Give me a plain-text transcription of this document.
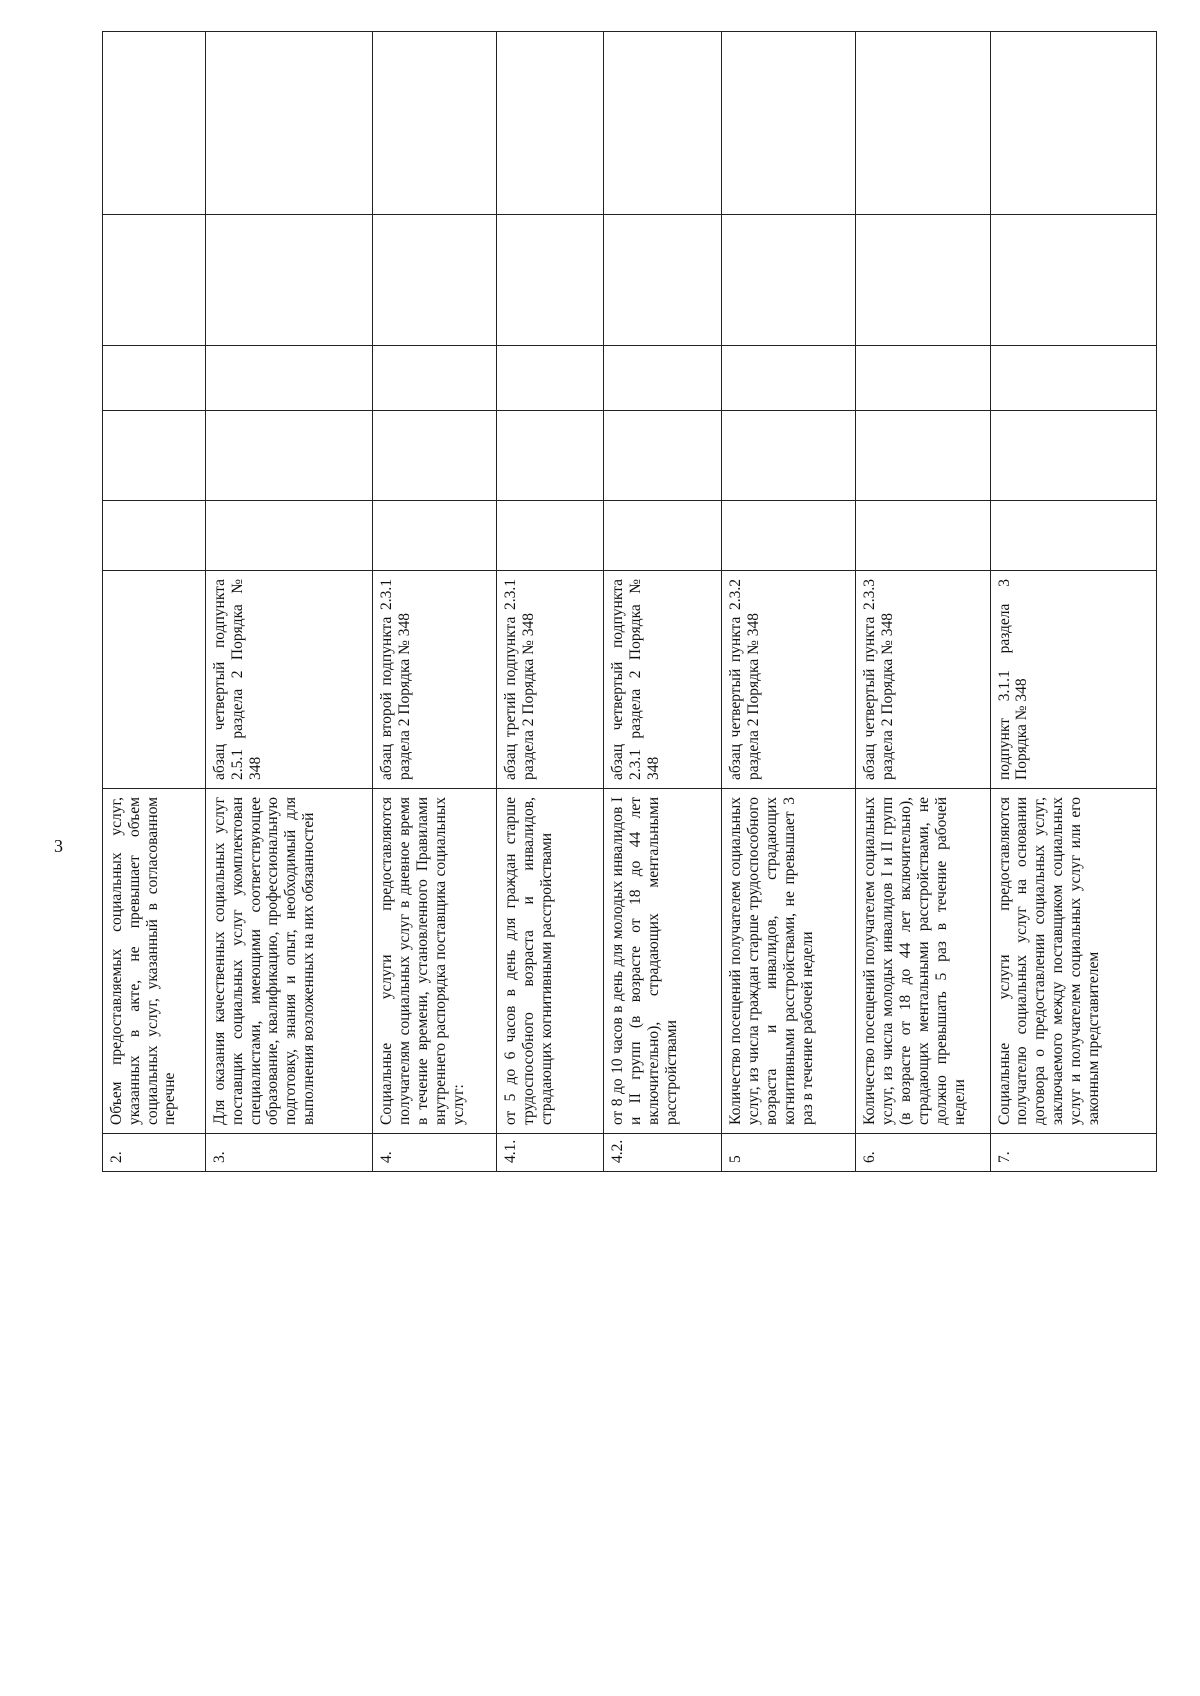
3
2.	Объем предоставляемых социальных услуг, указанных в акте, не превышает объем социальных услуг, указанный в согласованном перечне						
3.	Для оказания качественных социальных услуг поставщик социальных услуг укомплектован специалистами, имеющими соответствующее образование, квалификацию, профессиональную подготовку, знания и опыт, необходимый для выполнения возложенных на них обязанностей	абзац четвертый подпункта 2.5.1 раздела 2 Порядка № 348					
4.	Социальные услуги предоставляются получателям социальных услуг в дневное время в течение времени, установленного Правилами внутреннего распорядка поставщика социальных услуг:	абзац второй подпункта 2.3.1 раздела 2 Порядка № 348					
4.1.	от 5 до 6 часов в день для граждан старше трудоспособного возраста и инвалидов, страдающих когнитивными расстройствами	абзац третий подпункта 2.3.1 раздела 2 Порядка № 348					
4.2.	от 8 до 10 часов в день для молодых инвалидов I и II групп (в возрасте от 18 до 44 лет включительно), страдающих ментальными расстройствами	абзац четвертый подпункта 2.3.1 раздела 2 Порядка № 348					
5	Количество посещений получателем социальных услуг, из числа граждан старше трудоспособного возраста и инвалидов, страдающих когнитивными расстройствами, не превышает 3 раз в течение рабочей недели	абзац четвертый пункта 2.3.2 раздела 2 Порядка № 348					
6.	Количество посещений получателем социальных услуг, из числа молодых инвалидов I и II групп (в возрасте от 18 до 44 лет включительно), страдающих ментальными расстройствами, не должно превышать 5 раз в течение рабочей недели	абзац четвертый пункта 2.3.3 раздела 2 Порядка № 348					
7.	Социальные услуги предоставляются получателю социальных услуг на основании договора о предоставлении социальных услуг, заключаемого между поставщиком социальных услуг и получателем социальных услуг или его законным представителем	подпункт 3.1.1 раздела 3 Порядка № 348					
